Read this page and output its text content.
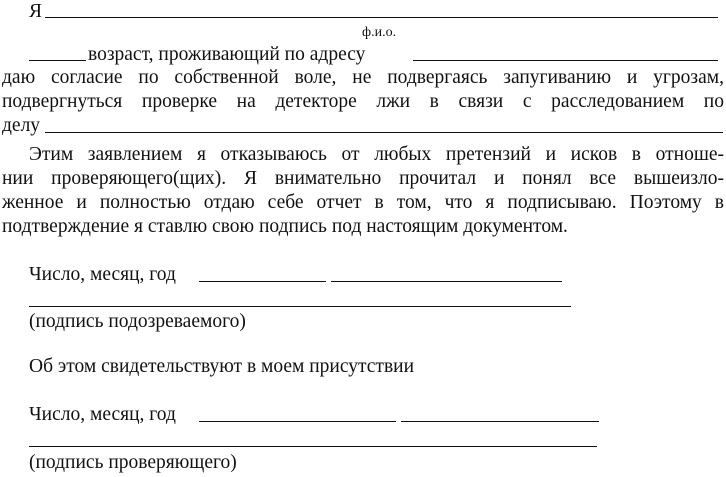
Я
ф.и.о.
возраст, проживающий по адресу
даю согласие по собственной воле, не подвергаясь запугиванию и угрозам,
подвергнуться проверке на детекторе лжи в связи с расследованием по
делу
Этим заявлением я отказываюсь от любых претензий и исков в отноше-
нии проверяющего(щих). Я внимательно прочитал и понял все вышеизло-
женное и полностью отдаю себе отчет в том, что я подписываю. Поэтому в
подтверждение я ставлю свою подпись под настоящим документом.
Число, месяц, год
(подпись подозреваемого)
Об этом свидетельствуют в моем присутствии
Число, месяц, год
(подпись проверяющего)
